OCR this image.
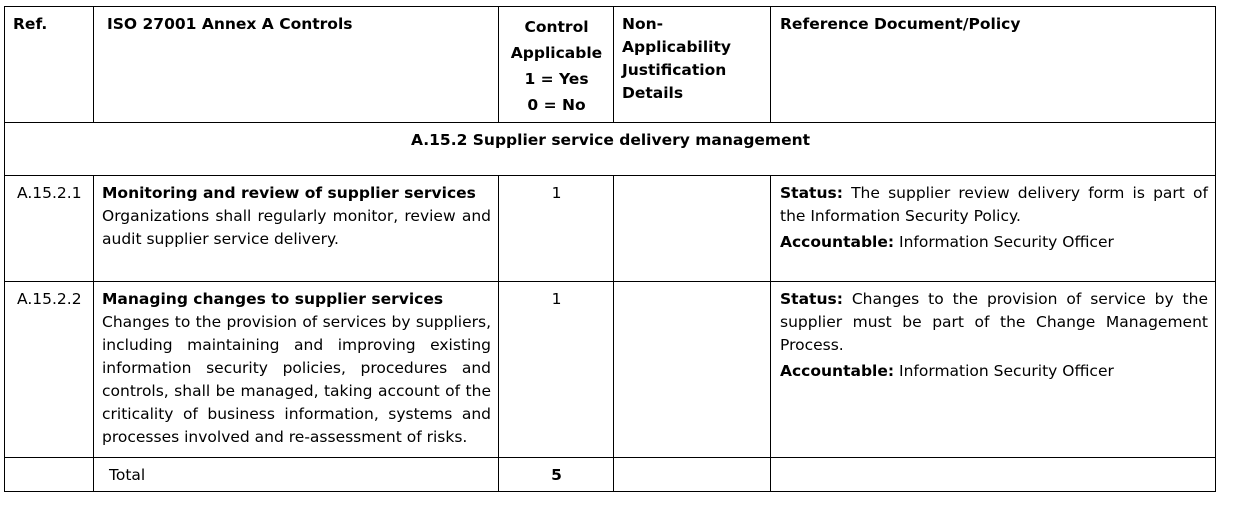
Ref.	ISO 27001 Annex A Controls	Control
Applicable
1 = Yes
0 = No	Non-Applicability
Justification
Details	Reference Document/Policy
A.15.2 Supplier service delivery management				
A.15.2.1	Monitoring and review of supplier services
Organizations shall regularly monitor, review and audit supplier service delivery.	1		Status: The supplier review delivery form is part of the Information Security Policy.
Accountable: Information Security Officer

A.15.2.2	Managing changes to supplier services
Changes to the provision of services by suppliers, including maintaining and improving existing information security policies, procedures and controls, shall be managed, taking account of the criticality of business information, systems and processes involved and re-assessment of risks.	1		Status: Changes to the provision of service by the supplier must be part of the Change Management Process.
Accountable: Information Security Officer

	Total	5		
